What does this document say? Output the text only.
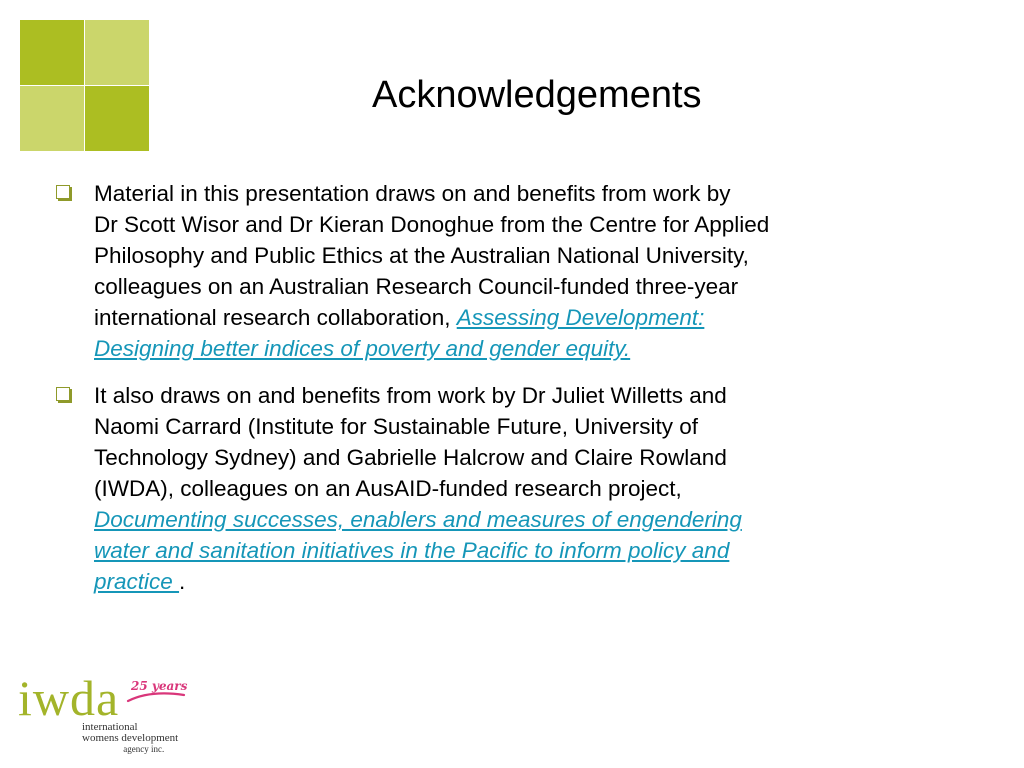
Acknowledgements

Material in this presentation draws on and benefits from work by
Dr Scott Wisor and Dr Kieran Donoghue from the Centre for Applied
Philosophy and Public Ethics at the Australian National University,
colleagues on an Australian Research Council-funded three-year
international research collaboration, Assessing Development:
Designing better indices of poverty and gender equity.

It also draws on and benefits from work by Dr Juliet Willetts and
Naomi Carrard (Institute for Sustainable Future, University of
Technology Sydney) and Gabrielle Halcrow and Claire Rowland
(IWDA), colleagues on an AusAID-funded research project,
Documenting successes, enablers and measures of engendering
water and sanitation initiatives in the Pacific to inform policy and
practice .

iwda 25 years
international
womens development
agency inc.
